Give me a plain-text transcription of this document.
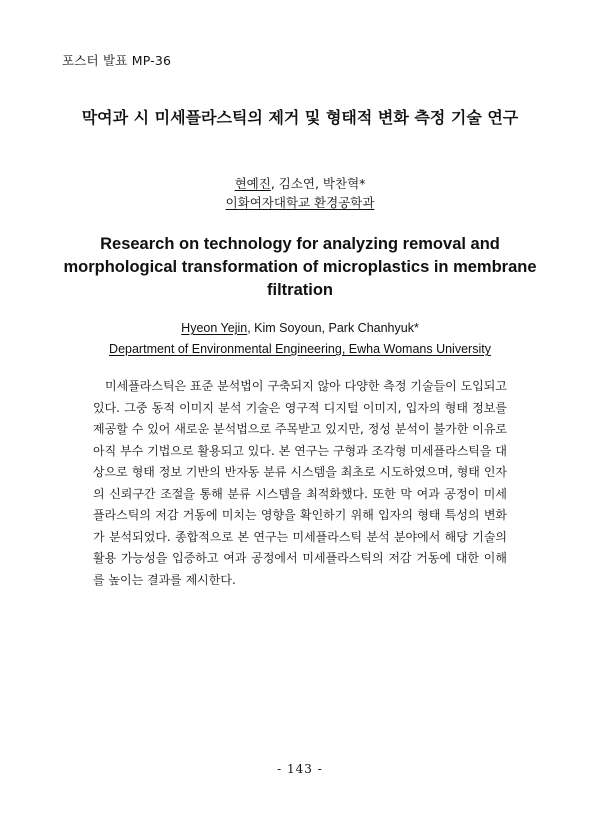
포스터 발표 MP-36
막여과 시 미세플라스틱의 제거 및 형태적 변화 측정 기술 연구
현예진, 김소연, 박찬혁*
이화여자대학교 환경공학과
Research on technology for analyzing removal and morphological transformation of microplastics in membrane filtration
Hyeon Yejin, Kim Soyoun, Park Chanhyuk*
Department of Environmental Engineering, Ewha Womans University

미세플라스틱은 표준 분석법이 구축되지 않아 다양한 측정 기술들이 도입되고 있다. 그중 동적 이미지 분석 기술은 영구적 디지털 이미지, 입자의 형태 정보를 제공할 수 있어 새로운 분석법으로 주목받고 있지만, 정성 분석이 불가한 이유로 아직 부수 기법으로 활용되고 있다. 본 연구는 구형과 조각형 미세플라스틱을 대상으로 형태 정보 기반의 반자동 분류 시스템을 최초로 시도하였으며, 형태 인자의 신뢰구간 조절을 통해 분류 시스템을 최적화했다. 또한 막 여과 공정이 미세플라스틱의 저감 거동에 미치는 영향을 확인하기 위해 입자의 형태 특성의 변화가 분석되었다. 종합적으로 본 연구는 미세플라스틱 분석 분야에서 해당 기술의 활용 가능성을 입증하고 여과 공정에서 미세플라스틱의 저감 거동에 대한 이해를 높이는 결과를 제시한다.

- 143 -
